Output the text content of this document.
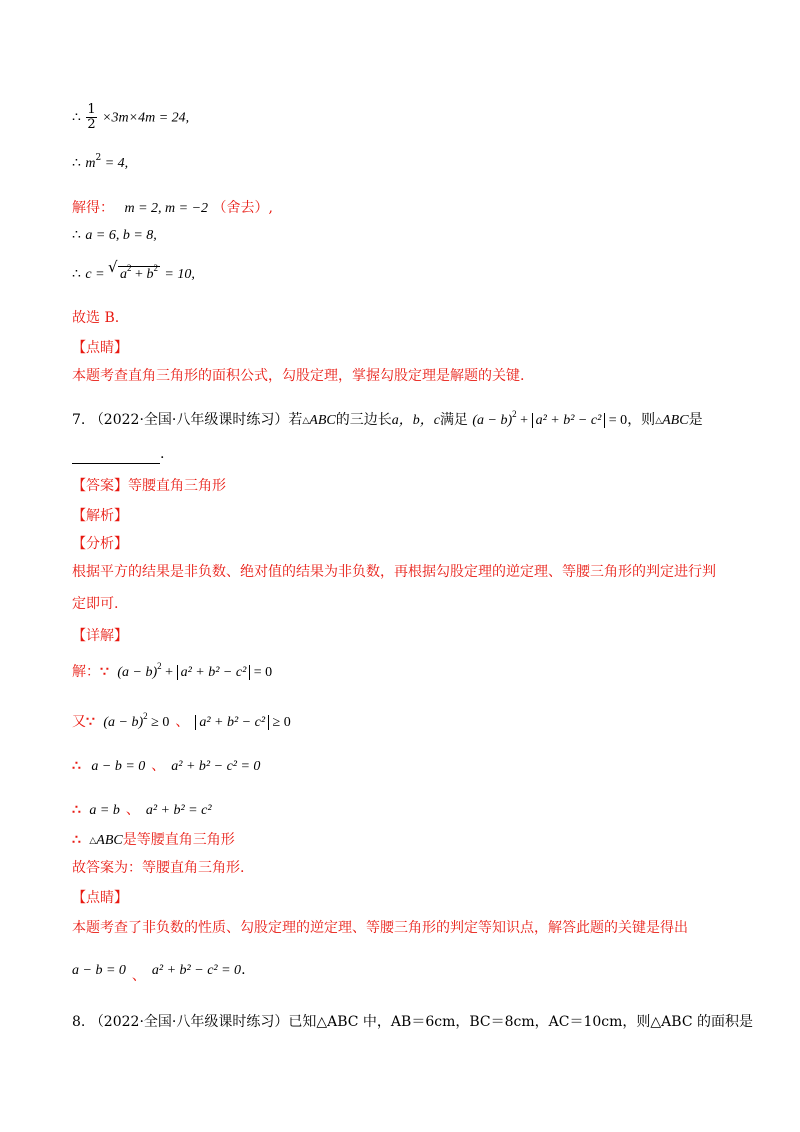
∴ $\frac{1}{2} \times 3m\times 4m = 24$,
∴ $m^2 = 4$,
解得： m = 2, m = −2 （舍去）,
∴ a = 6, b = 8,
∴ c = √ $a^2 + b^2 = 10$,
故选 B.
【点睛】
本题考查直角三角形的面积公式，勾股定理，掌握勾股定理是解题的关键.
7. （2022·全国·八年级课时练习）若△ABC的三边长a，b，c满足 $(a - b)^2 + a^2 + b^2 - c^2 = 0$，则△ABC是
.
【答案】等腰直角三角形
【解析】
【分析】
根据平方的结果是非负数、绝对值的结果为非负数，再根据勾股定理的逆定理、等腰三角形的判定进行判
定即可.
【详解】
解：∵ $(a - b)^2 + a^2 + b^2 - c^2 = 0$
又∵ $(a - b)^2 \ge 0$ 、 a² + b² − c² ≥ 0
∴ a − b = 0 、 a² + b² − c² = 0
∴ a = b 、 a² + b² = c²
∴ △ABC是等腰直角三角形
故答案为：等腰直角三角形.
【点睛】
本题考查了非负数的性质、勾股定理的逆定理、等腰三角形的判定等知识点，解答此题的关键是得出
a − b = 0 、 a² + b² − c² = 0.
8. （2022·全国·八年级课时练习）已知△ABC 中，AB＝6cm，BC＝8cm，AC＝10cm，则△ABC 的面积是
